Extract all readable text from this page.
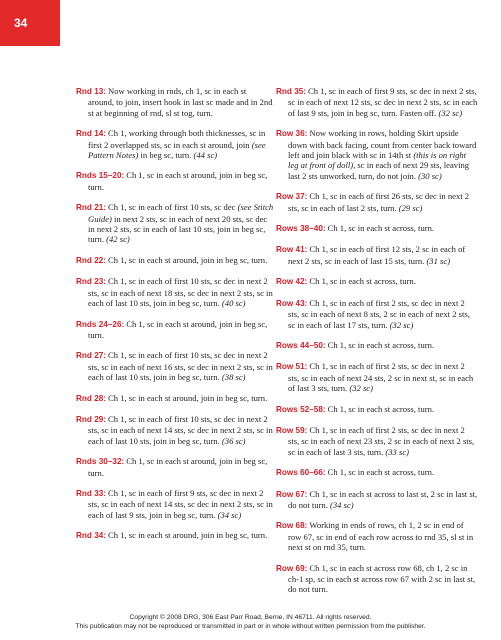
34

Rnd 13: Now working in rnds, ch 1, sc in each st around, to join, insert hook in last sc made and in 2nd st at beginning of rnd, sl st tog, turn.

Rnd 14: Ch 1, working through both thicknesses, sc in first 2 overlapped sts, sc in each st around, join (see Pattern Notes) in beg sc, turn. (44 sc)

Rnds 15–20: Ch 1, sc in each st around, join in beg sc, turn.

Rnd 21: Ch 1, sc in each of first 10 sts, sc dec (see Stitch Guide) in next 2 sts, sc in each of next 20 sts, sc dec in next 2 sts, sc in each of last 10 sts, join in beg sc, turn. (42 sc)

Rnd 22: Ch 1, sc in each st around, join in beg sc, turn.

Rnd 23: Ch 1, sc in each of first 10 sts, sc dec in next 2 sts, sc in each of next 18 sts, sc dec in next 2 sts, sc in each of last 10 sts, join in beg sc, turn. (40 sc)

Rnds 24–26: Ch 1, sc in each st around, join in beg sc, turn.

Rnd 27: Ch 1, sc in each of first 10 sts, sc dec in next 2 sts, sc in each of next 16 sts, sc dec in next 2 sts, sc in each of last 10 sts, join in beg sc, turn. (38 sc)

Rnd 28: Ch 1, sc in each st around, join in beg sc, turn.

Rnd 29: Ch 1, sc in each of first 10 sts, sc dec in next 2 sts, sc in each of next 14 sts, sc dec in next 2 sts, sc in each of last 10 sts, join in beg sc, turn. (36 sc)

Rnds 30–32: Ch 1, sc in each st around, join in beg sc, turn.

Rnd 33: Ch 1, sc in each of first 9 sts, sc dec in next 2 sts, sc in each of next 14 sts, sc dec in next 2 sts, sc in each of last 9 sts, join in beg sc, turn. (34 sc)

Rnd 34: Ch 1, sc in each st around, join in beg sc, turn.

Rnd 35: Ch 1, sc in each of first 9 sts, sc dec in next 2 sts, sc in each of next 12 sts, sc dec in next 2 sts, sc in each of last 9 sts, join in beg sc, turn. Fasten off. (32 sc)

Row 36: Now working in rows, holding Skirt upside down with back facing, count from center back toward left and join black with sc in 14th st (this is on right leg at front of doll), sc in each of next 29 sts, leaving last 2 sts unworked, turn, do not join. (30 sc)

Row 37: Ch 1, sc in each of first 26 sts, sc dec in next 2 sts, sc in each of last 2 sts, turn. (29 sc)

Rows 38–40: Ch 1, sc in each st across, turn.

Row 41: Ch 1, sc in each of first 12 sts, 2 sc in each of next 2 sts, sc in each of last 15 sts, turn. (31 sc)

Row 42: Ch 1, sc in each st across, turn.

Row 43: Ch 1, sc in each of first 2 sts, sc dec in next 2 sts, sc in each of next 8 sts, 2 sc in each of next 2 sts, sc in each of last 17 sts, turn. (32 sc)

Rows 44–50: Ch 1, sc in each st across, turn.

Row 51: Ch 1, sc in each of first 2 sts, sc dec in next 2 sts, sc in each of next 24 sts, 2 sc in next st, sc in each of last 3 sts, turn. (32 sc)

Rows 52–58: Ch 1, sc in each st across, turn.

Row 59: Ch 1, sc in each of first 2 sts, sc dec in next 2 sts, sc in each of next 23 sts, 2 sc in each of next 2 sts, sc in each of last 3 sts, turn. (33 sc)

Rows 60–66: Ch 1, sc in each st across, turn.

Row 67: Ch 1, sc in each st across to last st, 2 sc in last st, do not turn. (34 sc)

Row 68: Working in ends of rows, ch 1, 2 sc in end of row 67, sc in end of each row across to rnd 35, sl st in next st on rnd 35, turn.

Row 69: Ch 1, sc in each st across row 68, ch 1, 2 sc in ch-1 sp, sc in each st across row 67 with 2 sc in last st, do not turn.

Copyright © 2008 DRG, 306 East Parr Road, Berne, IN 46711. All rights reserved.
This publication may not be reproduced or transmitted in part or in whole without written permission from the publisher.
